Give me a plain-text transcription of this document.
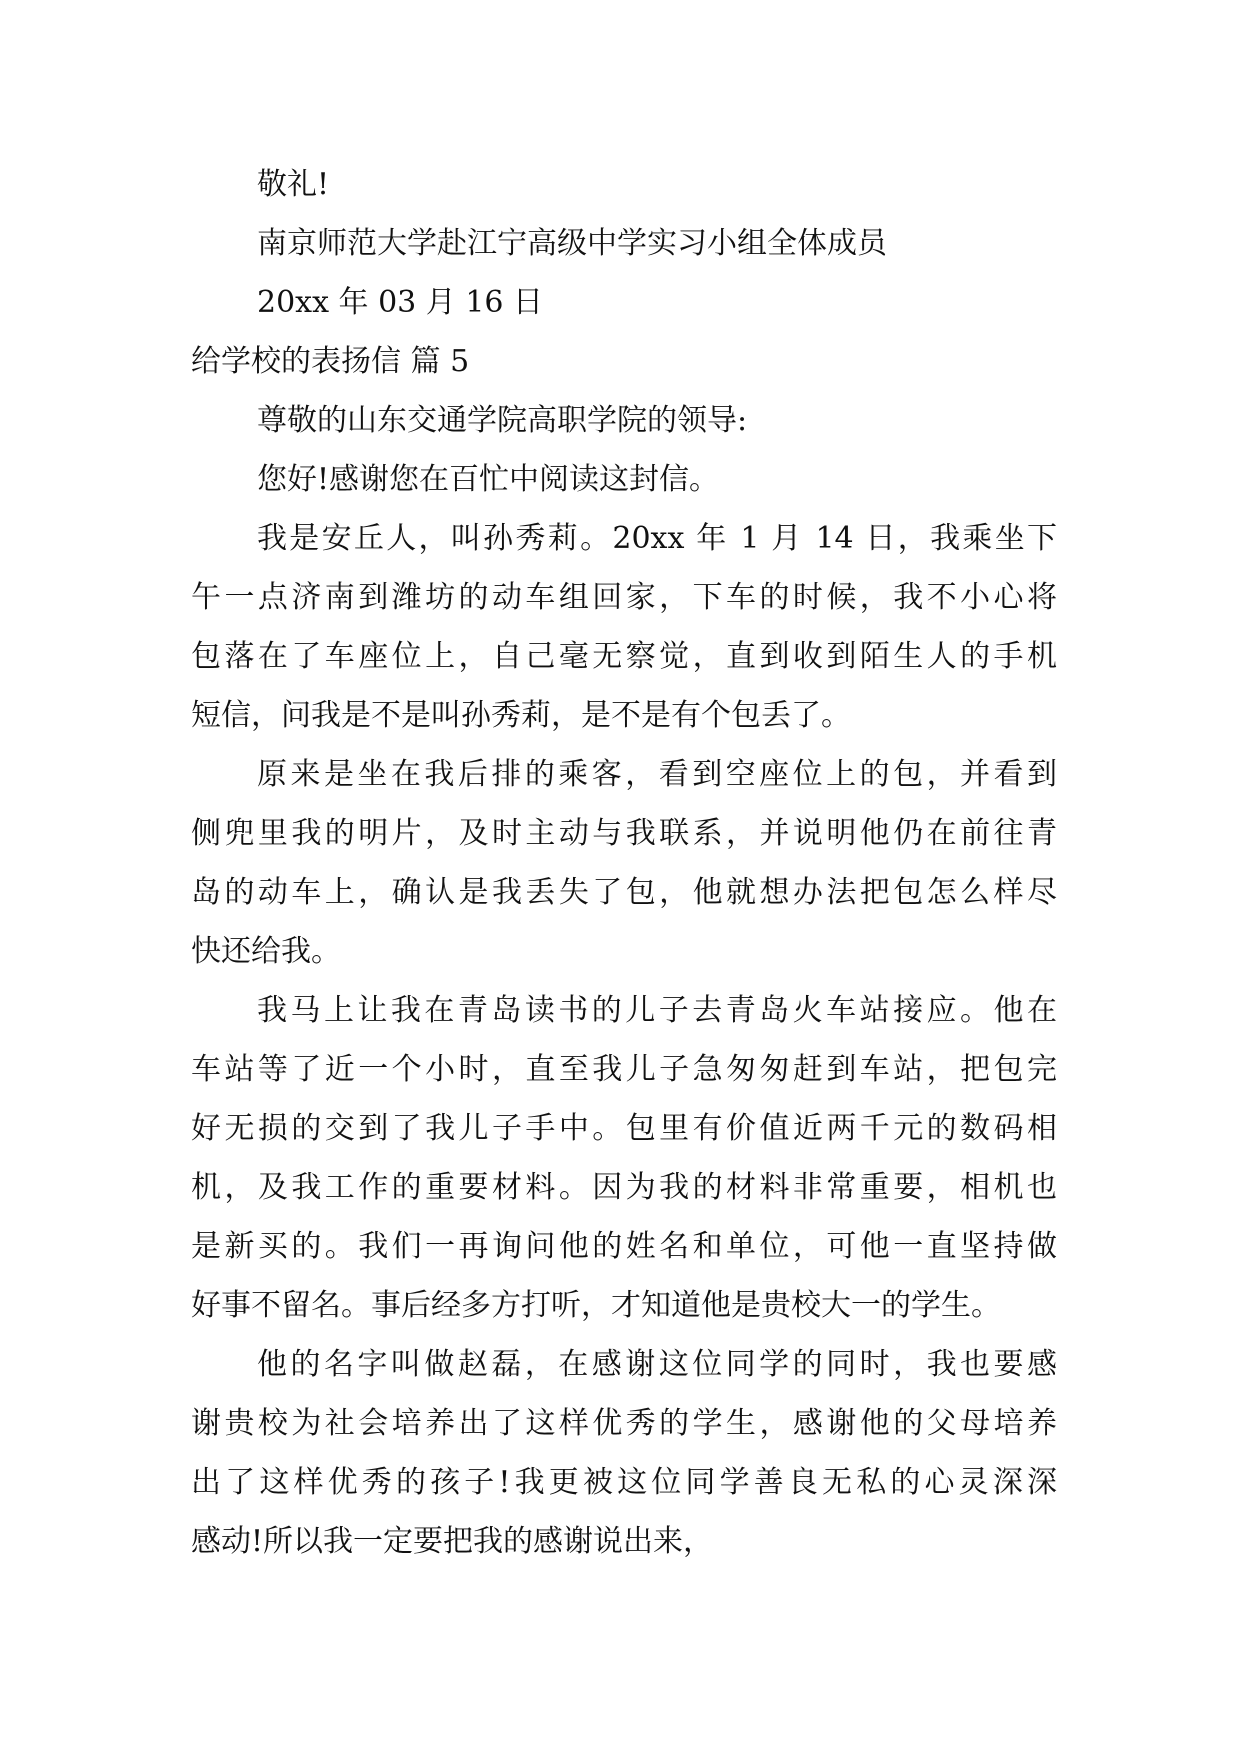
敬礼!
南京师范大学赴江宁高级中学实习小组全体成员
20xx 年 03 月 16 日
给学校的表扬信 篇 5
尊敬的山东交通学院高职学院的领导:
您好!感谢您在百忙中阅读这封信。
我是安丘人，叫孙秀莉。20xx 年 1 月 14 日，我乘坐下
午一点济南到潍坊的动车组回家，下车的时候，我不小心将
包落在了车座位上，自己毫无察觉，直到收到陌生人的手机
短信，问我是不是叫孙秀莉，是不是有个包丢了。
原来是坐在我后排的乘客，看到空座位上的包，并看到
侧兜里我的明片，及时主动与我联系，并说明他仍在前往青
岛的动车上，确认是我丢失了包，他就想办法把包怎么样尽
快还给我。
我马上让我在青岛读书的儿子去青岛火车站接应。他在
车站等了近一个小时，直至我儿子急匆匆赶到车站，把包完
好无损的交到了我儿子手中。包里有价值近两千元的数码相
机，及我工作的重要材料。因为我的材料非常重要，相机也
是新买的。我们一再询问他的姓名和单位，可他一直坚持做
好事不留名。事后经多方打听，才知道他是贵校大一的学生。
他的名字叫做赵磊，在感谢这位同学的同时，我也要感
谢贵校为社会培养出了这样优秀的学生，感谢他的父母培养
出了这样优秀的孩子!我更被这位同学善良无私的心灵深深
感动!所以我一定要把我的感谢说出来，
